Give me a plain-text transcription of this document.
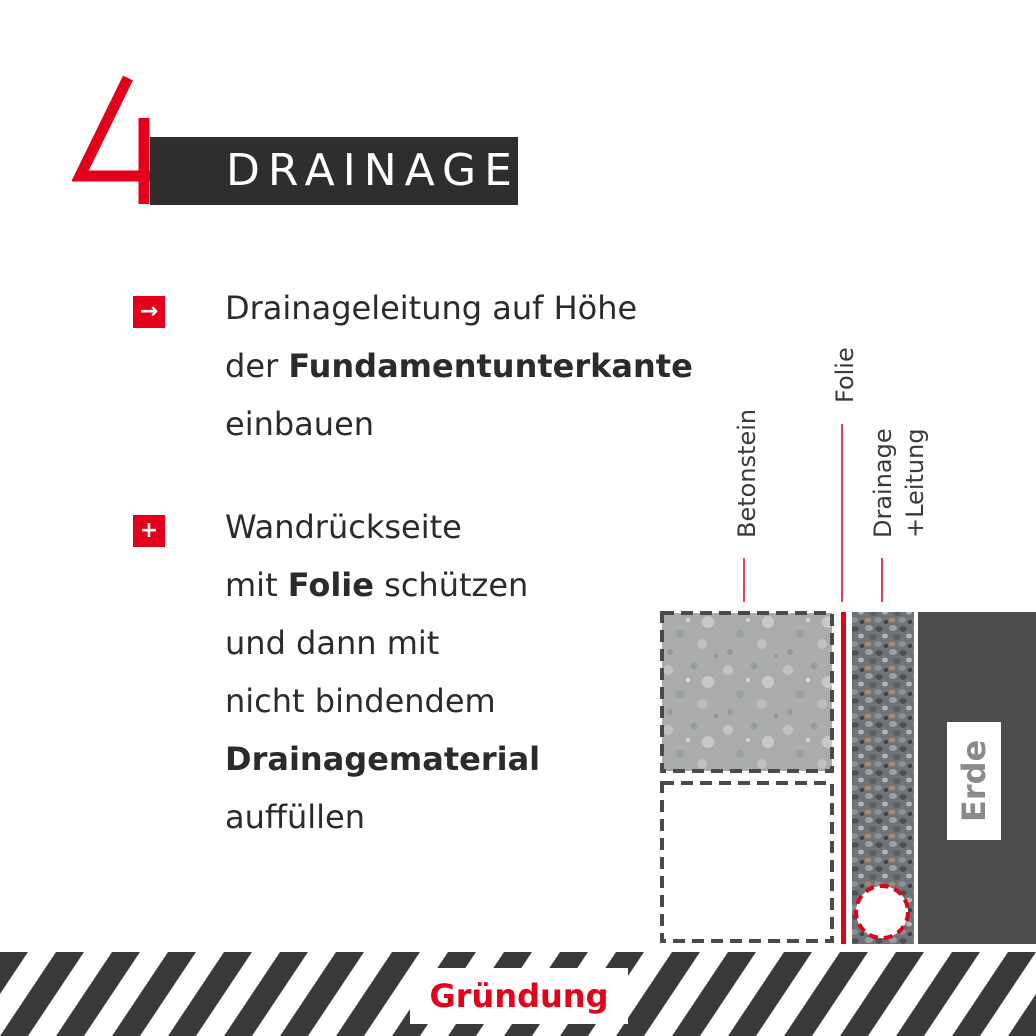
DRAINAGE
→ Drainageleitung auf Höhe
der Fundamentunterkante
einbauen
+ Wandrückseite
mit Folie schützen
und dann mit
nicht bindendem
Drainagematerial
auffüllen
Betonstein
Folie
Drainage +Leitung
Erde
Gründung
